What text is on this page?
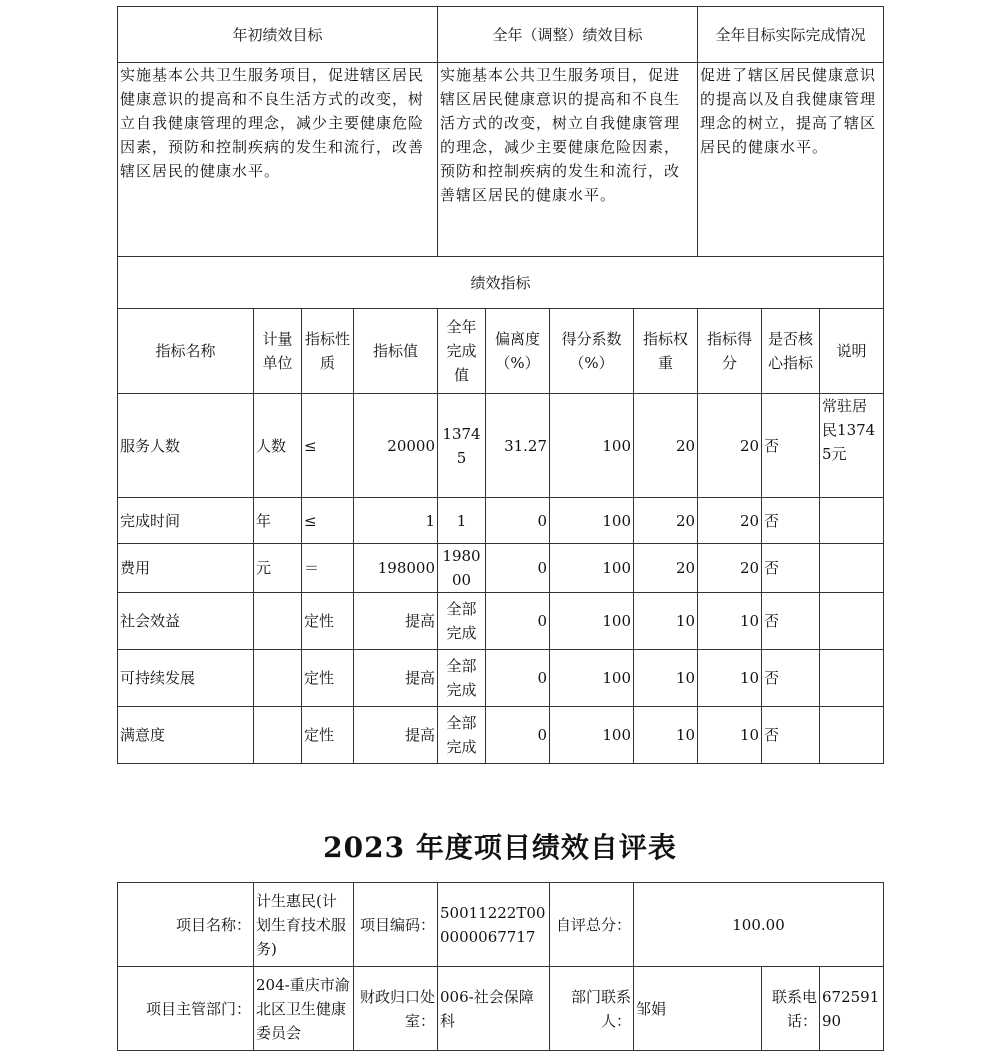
年初绩效目标				全年（调整）绩效目标				全年目标实际完成情况		
实施基本公共卫生服务项目，促进辖区居民健康意识的提高和不良生活方式的改变，树立自我健康管理的理念，减少主要健康危险因素，预防和控制疾病的发生和流行，改善辖区居民的健康水平。				实施基本公共卫生服务项目，促进辖区居民健康意识的提高和不良生活方式的改变，树立自我健康管理的理念，减少主要健康危险因素，预防和控制疾病的发生和流行，改善辖区居民的健康水平。				促进了辖区居民健康意识的提高以及自我健康管理理念的树立，提高了辖区居民的健康水平。		
绩效指标										
指标名称	计量单位	指标性质	指标值	全年完成值	偏离度（%）	得分系数（%）	指标权重	指标得分	是否核心指标	说明
服务人数	人数	≤	20000	13745	31.27	100	20	20	否	常驻居民13745元
完成时间	年	≤	1	1	0	100	20	20	否	
费用	元	＝	198000	198000	0	100	20	20	否	
社会效益		定性	提高	全部完成	0	100	10	10	否	
可持续发展		定性	提高	全部完成	0	100	10	10	否	
满意度		定性	提高	全部完成	0	100	10	10	否	
2023 年度项目绩效自评表
项目名称：	计生惠民(计划生育技术服务)	项目编码：	50011222T000000067717	自评总分：	100.00		
项目主管部门：	204-重庆市渝北区卫生健康委员会	财政归口处室：	006-社会保障科	部门联系人：	邹娟	联系电话：	67259190
